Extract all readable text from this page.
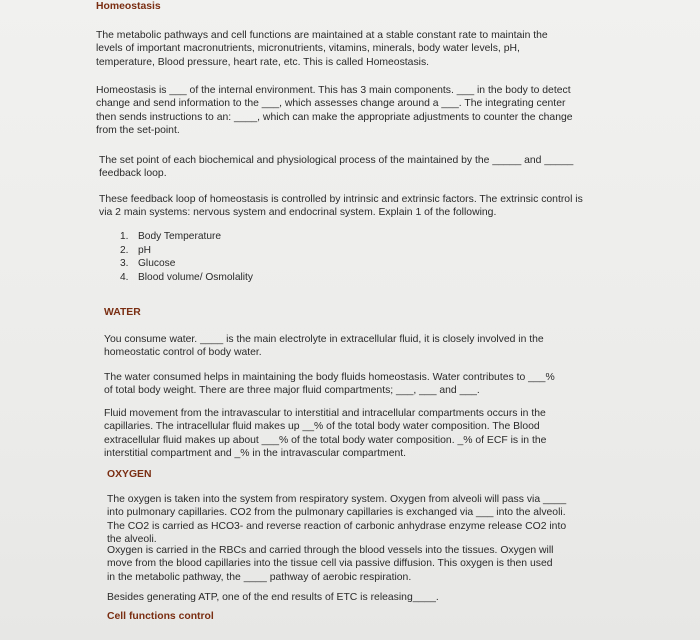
Homeostasis

The metabolic pathways and cell functions are maintained at a stable constant rate to maintain the levels of important macronutrients, micronutrients, vitamins, minerals, body water levels, pH, temperature, Blood pressure, heart rate, etc. This is called Homeostasis.

Homeostasis is ___ of the internal environment. This has 3 main components. ___ in the body to detect change and send information to the ___, which assesses change around a ___. The integrating center then sends instructions to an: ____, which can make the appropriate adjustments to counter the change from the set-point.

The set point of each biochemical and physiological process of the maintained by the _____ and _____ feedback loop.

These feedback loop of homeostasis is controlled by intrinsic and extrinsic factors. The extrinsic control is via 2 main systems: nervous system and endocrinal system. Explain 1 of the following.

1. Body Temperature
2. pH
3. Glucose
4. Blood volume/ Osmolality
WATER

You consume water. ____ is the main electrolyte in extracellular fluid, it is closely involved in the homeostatic control of body water.

The water consumed helps in maintaining the body fluids homeostasis. Water contributes to ___% of total body weight. There are three major fluid compartments; ___, ___ and ___.

Fluid movement from the intravascular to interstitial and intracellular compartments occurs in the capillaries. The intracellular fluid makes up __% of the total body water composition. The Blood extracellular fluid makes up about ___% of the total body water composition. _% of ECF is in the interstitial compartment and _% in the intravascular compartment.

OXYGEN

The oxygen is taken into the system from respiratory system. Oxygen from alveoli will pass via ____ into pulmonary capillaries. CO2 from the pulmonary capillaries is exchanged via ___ into the alveoli. The CO2 is carried as HCO3- and reverse reaction of carbonic anhydrase enzyme release CO2 into the alveoli.

Oxygen is carried in the RBCs and carried through the blood vessels into the tissues. Oxygen will move from the blood capillaries into the tissue cell via passive diffusion. This oxygen is then used in the metabolic pathway, the ____ pathway of aerobic respiration.

Besides generating ATP, one of the end results of ETC is releasing____.

Cell functions control
